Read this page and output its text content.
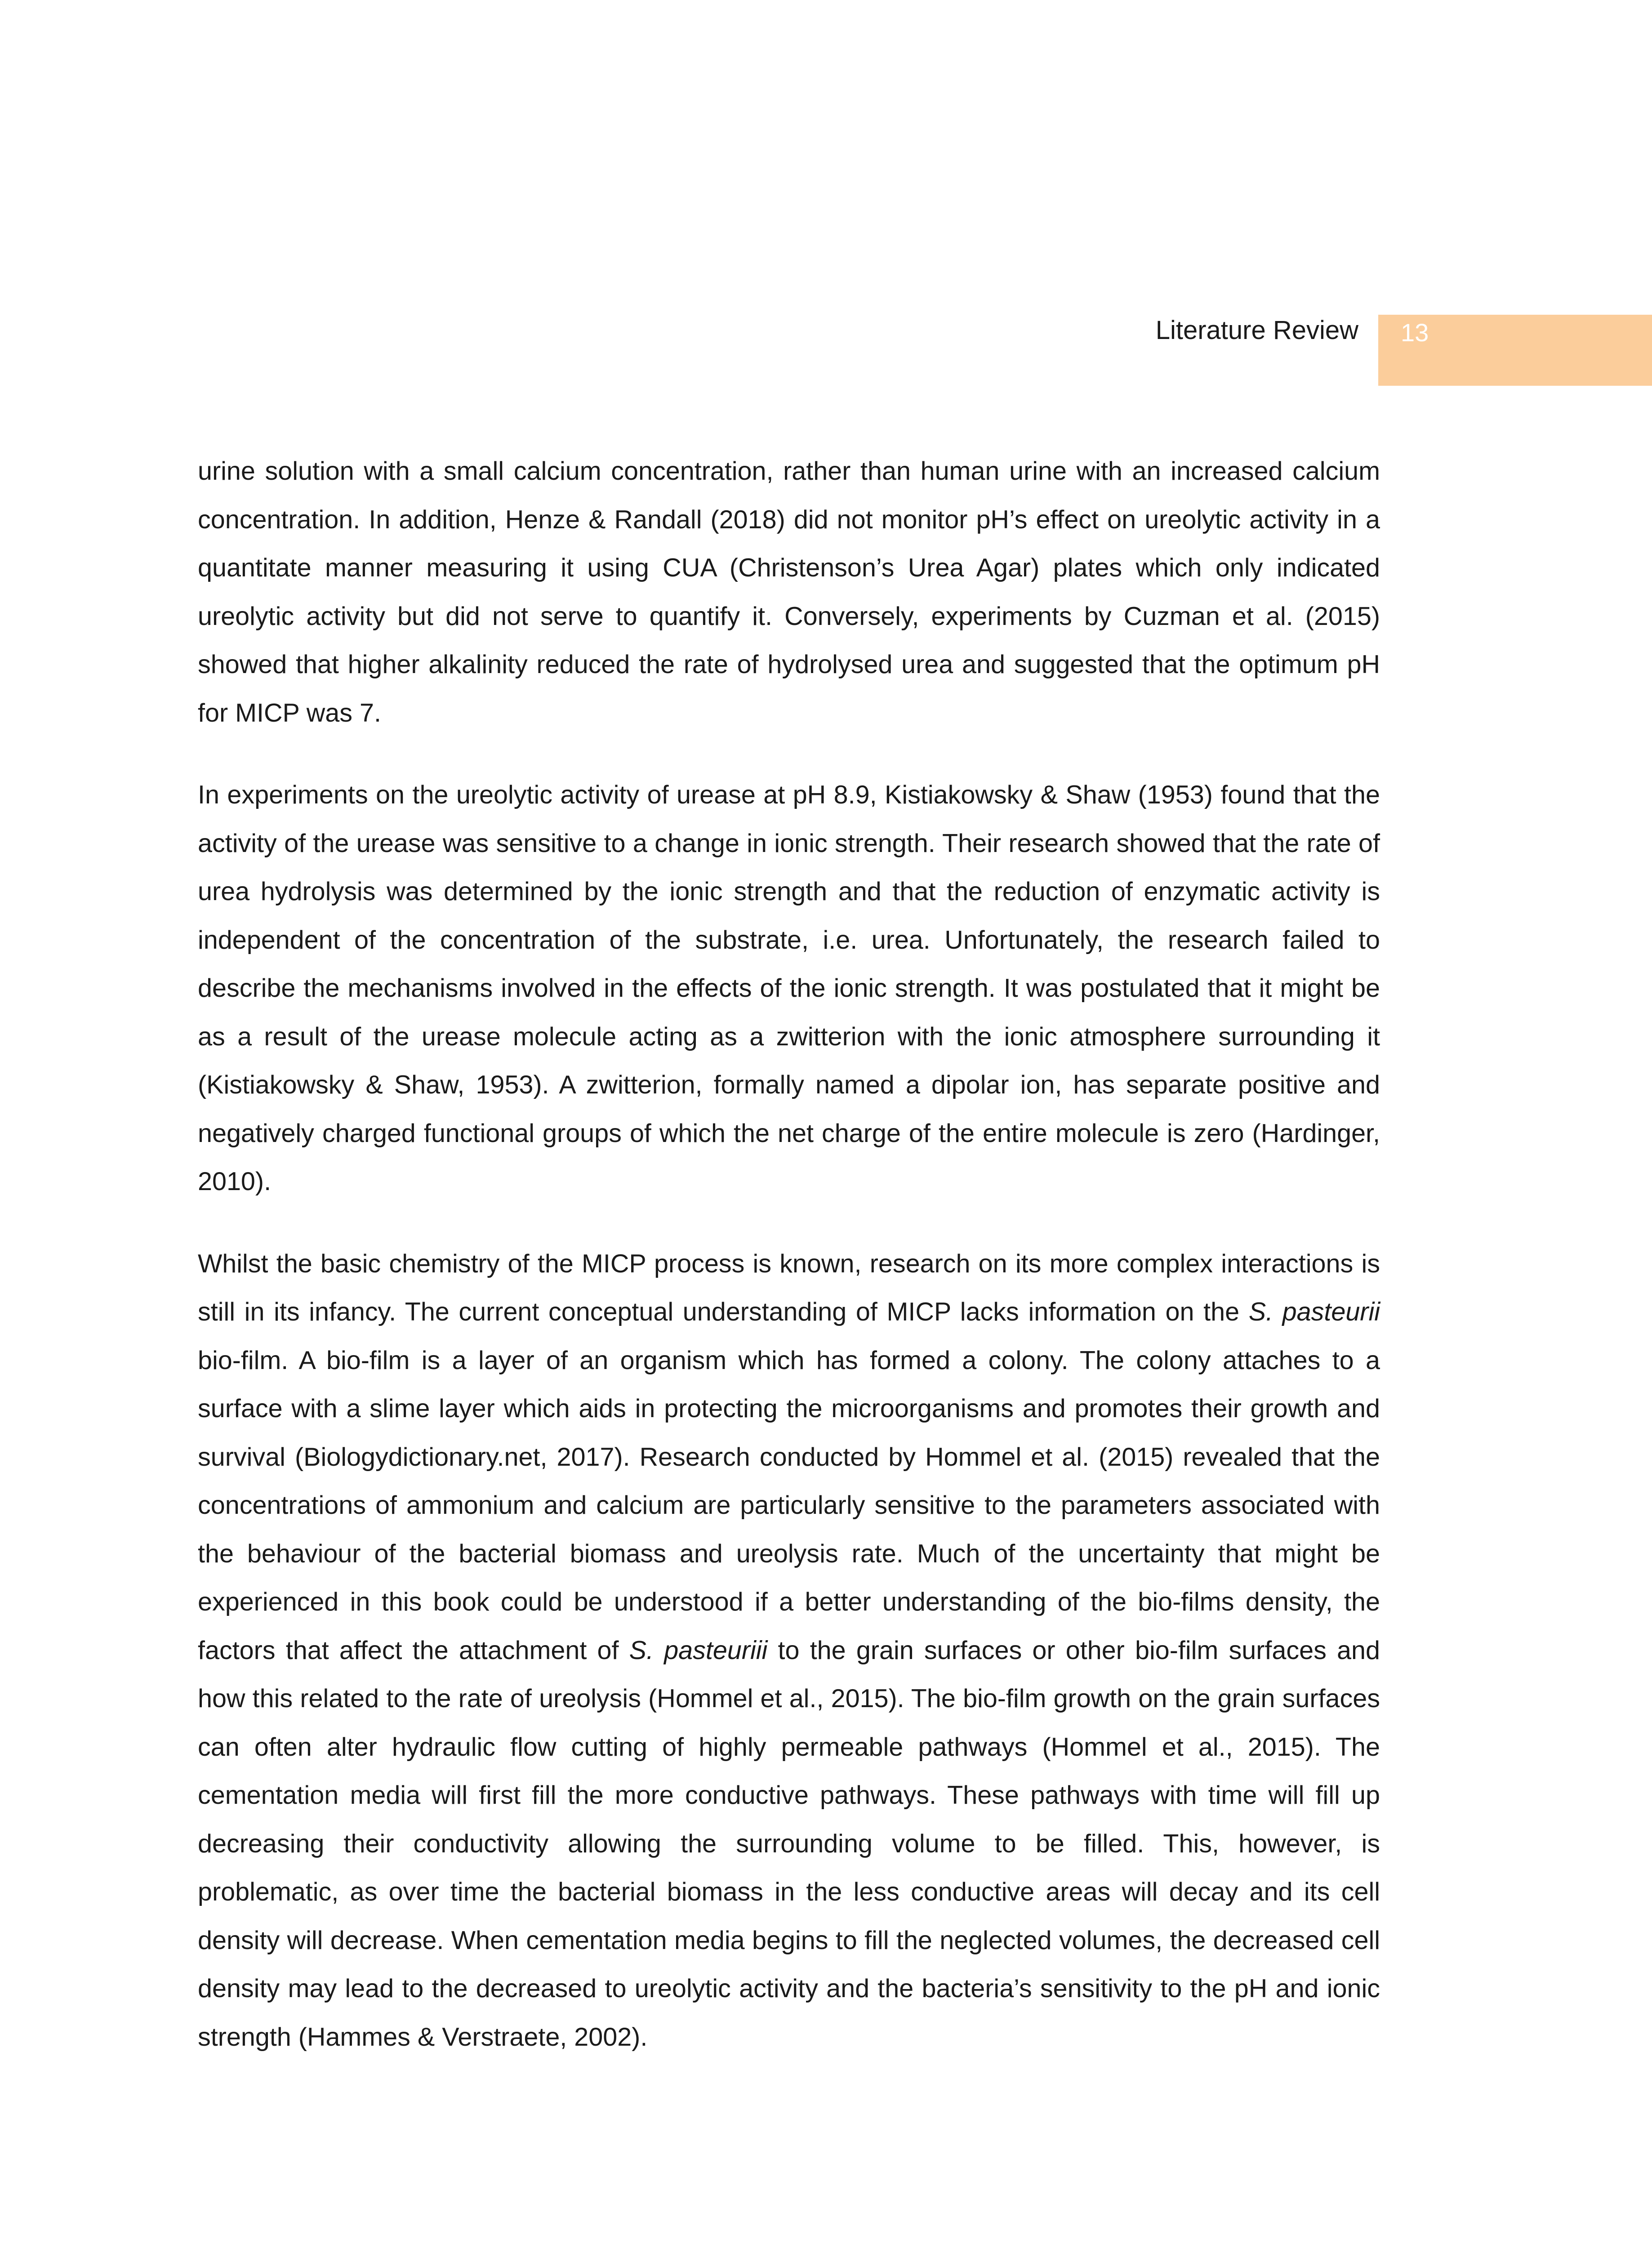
Literature Review 13

urine solution with a small calcium concentration, rather than human urine with an increased calcium concentration. In addition, Henze & Randall (2018) did not monitor pH’s effect on ureolytic activity in a quantitate manner measuring it using CUA (Christenson’s Urea Agar) plates which only indicated ureolytic activity but did not serve to quantify it. Conversely, experiments by Cuzman et al. (2015) showed that higher alkalinity reduced the rate of hydrolysed urea and suggested that the optimum pH for MICP was 7.

In experiments on the ureolytic activity of urease at pH 8.9, Kistiakowsky & Shaw (1953) found that the activity of the urease was sensitive to a change in ionic strength. Their research showed that the rate of urea hydrolysis was determined by the ionic strength and that the reduction of enzymatic activity is independent of the concentration of the substrate, i.e. urea. Unfortunately, the research failed to describe the mechanisms involved in the effects of the ionic strength. It was postulated that it might be as a result of the urease molecule acting as a zwitterion with the ionic atmosphere surrounding it (Kistiakowsky & Shaw, 1953). A zwitterion, formally named a dipolar ion, has separate positive and negatively charged functional groups of which the net charge of the entire molecule is zero (Hardinger, 2010).

Whilst the basic chemistry of the MICP process is known, research on its more complex interactions is still in its infancy. The current conceptual understanding of MICP lacks information on the S. pasteurii bio-film. A bio-film is a layer of an organism which has formed a colony. The colony attaches to a surface with a slime layer which aids in protecting the microorganisms and promotes their growth and survival (Biologydictionary.net, 2017). Research conducted by Hommel et al. (2015) revealed that the concentrations of ammonium and calcium are particularly sensitive to the parameters associated with the behaviour of the bacterial biomass and ureolysis rate. Much of the uncertainty that might be experienced in this book could be understood if a better understanding of the bio-films density, the factors that affect the attachment of S. pasteuriii to the grain surfaces or other bio-film surfaces and how this related to the rate of ureolysis (Hommel et al., 2015). The bio-film growth on the grain surfaces can often alter hydraulic flow cutting of highly permeable pathways (Hommel et al., 2015). The cementation media will first fill the more conductive pathways. These pathways with time will fill up decreasing their conductivity allowing the surrounding volume to be filled. This, however, is problematic, as over time the bacterial biomass in the less conductive areas will decay and its cell density will decrease. When cementation media begins to fill the neglected volumes, the decreased cell density may lead to the decreased to ureolytic activity and the bacteria’s sensitivity to the pH and ionic strength (Hammes & Verstraete, 2002).
